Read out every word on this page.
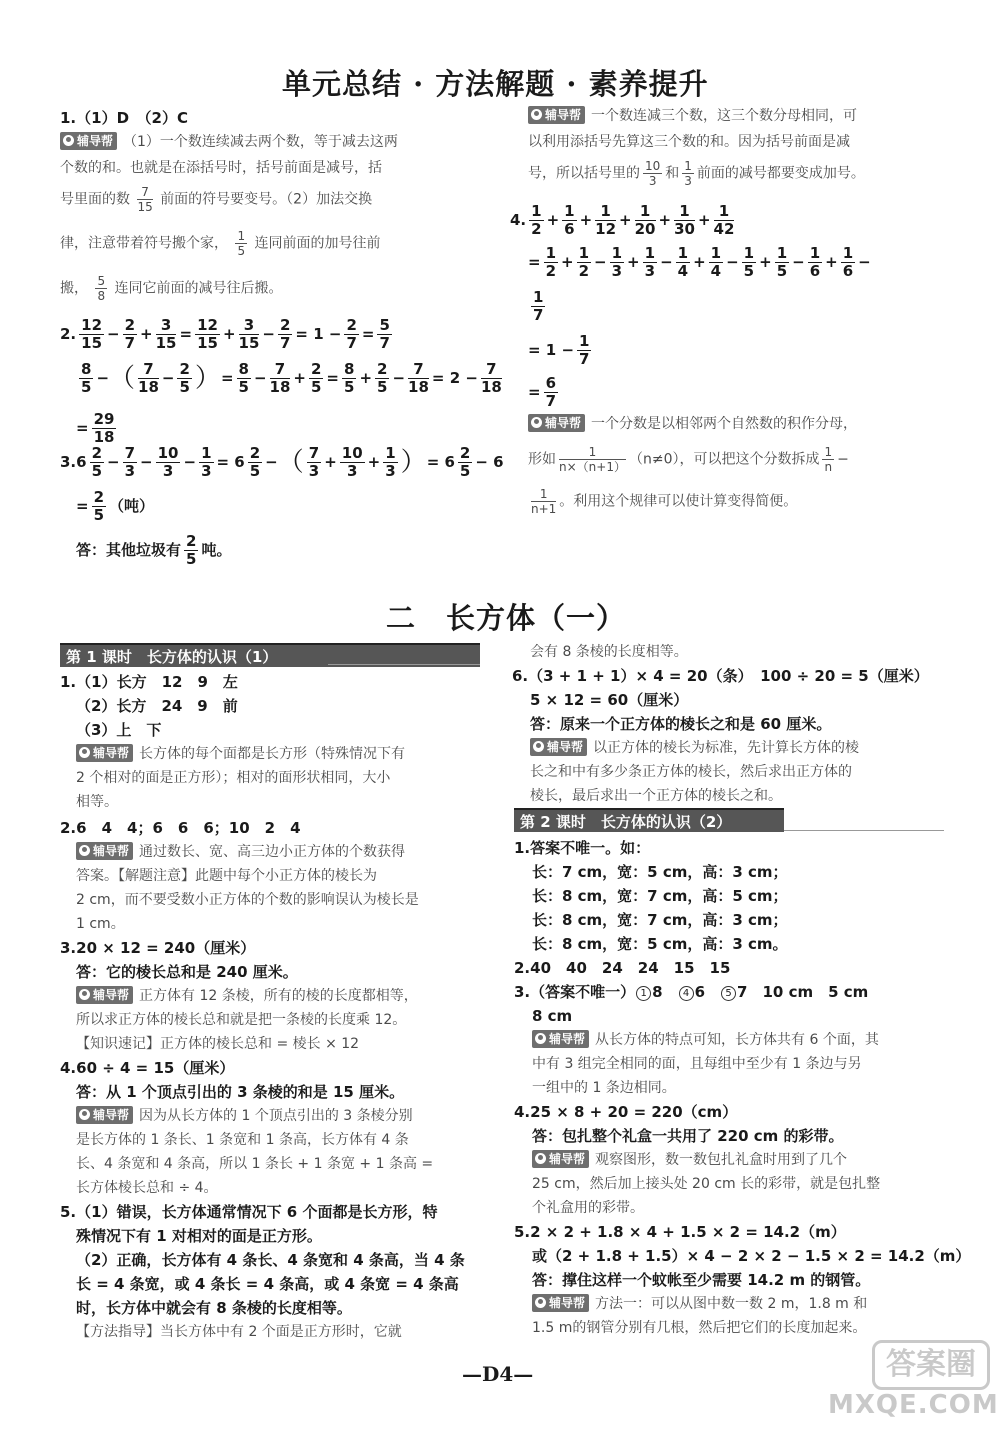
单元总结 · 方法解题 · 素养提升
1.（1）D　（2）C
辅导帮 （1）一个数连续减去两个数，等于减去这两
个数的和。也就是在添括号时，括号前面是减号，括
号里面的数 $\frac{7}{15}$ 前面的符号要变号。（2）加法交换
律，注意带着符号搬个家， $\frac{1}{5}$ 连同前面的加号往前
搬， $\frac{5}{8}$ 连同它前面的减号往后搬。
2. $\frac{12}{15} - \frac{2}{7} + \frac{3}{15} = \frac{12}{15} + \frac{3}{15} - \frac{2}{7} = 1 - \frac{2}{7} = \frac{5}{7}$
$\frac{8}{5}$ −（ $\frac{7}{18} - \frac{2}{5}$ ）= $\frac{8}{5} - \frac{7}{18} + \frac{2}{5} = \frac{8}{5} + \frac{2}{5} - \frac{7}{18} = 2 - \frac{7}{18}$
= $\frac{29}{18}$
$3.6 \frac{2}{5} - \frac{7}{3} - \frac{10}{3} - \frac{1}{3} = 6 \frac{2}{5}$ −（ $\frac{7}{3} + \frac{10}{3} + \frac{1}{3}$ ）= $6 \frac{2}{5} - 6$
= $\frac{2}{5}$ （吨）
答：其他垃圾有 $\frac{2}{5}$ 吨。
辅导帮 一个数连减三个数，这三个数分母相同，可
以利用添括号先算这三个数的和。因为括号前面是减
号，所以括号里的 $\frac{10}{3}$ 和 $\frac{1}{3}$ 前面的减号都要变成加号。
4. $\frac{1}{2} + \frac{1}{6} + \frac{1}{12} + \frac{1}{20} + \frac{1}{30} + \frac{1}{42}$
= $\frac{1}{2} + \frac{1}{2} - \frac{1}{3} + \frac{1}{3} - \frac{1}{4} + \frac{1}{4} - \frac{1}{5} + \frac{1}{5} - \frac{1}{6} + \frac{1}{6}$ −
$\frac{1}{7}$
= $1 - \frac{1}{7}$
= $\frac{6}{7}$
辅导帮 一个分数是以相邻两个自然数的积作分母，
形如 $\frac{1}{n\times(n+1)} (n\ne 0)$，可以把这个分数拆成 $\frac{1}{n}$ −
$\frac{1}{n+1}$ 。利用这个规律可以使计算变得简便。
二　长方体（一）
第 1 课时　长方体的认识（1）
1.（1）长方　12　9　左
（2）长方　24　9　前
（3）上　下
辅导帮 长方体的每个面都是长方形（特殊情况下有
2 个相对的面是正方形）；相对的面形状相同，大小
相等。
2.6　4　4；6　6　6；10　2　4
辅导帮 通过数长、宽、高三边小正方体的个数获得
答案。【解题注意】此题中每个小正方体的棱长为
2 cm，而不要受数小正方体的个数的影响误认为棱长是
1 cm。
3.20 × 12 = 240（厘米）
答：它的棱长总和是 240 厘米。
辅导帮 正方体有 12 条棱，所有的棱的长度都相等，
所以求正方体的棱长总和就是把一条棱的长度乘 12。
【知识速记】正方体的棱长总和 = 棱长 × 12
4.60 ÷ 4 = 15（厘米）
答：从 1 个顶点引出的 3 条棱的和是 15 厘米。
辅导帮 因为从长方体的 1 个顶点引出的 3 条棱分别
是长方体的 1 条长、1 条宽和 1 条高，长方体有 4 条
长、4 条宽和 4 条高，所以 1 条长 + 1 条宽 + 1 条高 =
长方体棱长总和 ÷ 4。
5.（1）错误，长方体通常情况下 6 个面都是长方形，特
殊情况下有 1 对相对的面是正方形。
（2）正确，长方体有 4 条长、4 条宽和 4 条高，当 4 条
长 = 4 条宽，或 4 条长 = 4 条高，或 4 条宽 = 4 条高
时，长方体中就会有 8 条棱的长度相等。
【方法指导】当长方体中有 2 个面是正方形时，它就
会有 8 条棱的长度相等。
6.（3 + 1 + 1）× 4 = 20（条）　100 ÷ 20 = 5（厘米）
5 × 12 = 60（厘米）
答：原来一个正方体的棱长之和是 60 厘米。
辅导帮 以正方体的棱长为标准，先计算长方体的棱
长之和中有多少条正方体的棱长，然后求出正方体的
棱长，最后求出一个正方体的棱长之和。
第 2 课时　长方体的认识（2）
1.答案不唯一。如：
长：7 cm，宽：5 cm，高：3 cm；
长：8 cm，宽：7 cm，高：5 cm；
长：8 cm，宽：7 cm，高：3 cm；
长：8 cm，宽：5 cm，高：3 cm。
2.40　40　24　24　15　15
3.（答案不唯一） 1 8　 4 6　 5 7　 10 cm　5 cm
8 cm
辅导帮 从长方体的特点可知，长方体共有 6 个面，其
中有 3 组完全相同的面，且每组中至少有 1 条边与另
一组中的 1 条边相同。
4.25 × 8 + 20 = 220（cm）
答：包扎整个礼盒一共用了 220 cm 的彩带。
辅导帮 观察图形，数一数包扎礼盒时用到了几个
25 cm，然后加上接头处 20 cm 长的彩带，就是包扎整
个礼盒用的彩带。
5.2 × 2 + 1.8 × 4 + 1.5 × 2 = 14.2（m）
或（2 + 1.8 + 1.5）× 4 − 2 × 2 − 1.5 × 2 = 14.2（m）
答：撑住这样一个蚊帐至少需要 14.2 m 的钢管。
辅导帮 方法一：可以从图中数一数 2 m，1.8 m 和
1.5 m的钢管分别有几根，然后把它们的长度加起来。
—D4—	答案圈
MXQE.COM
